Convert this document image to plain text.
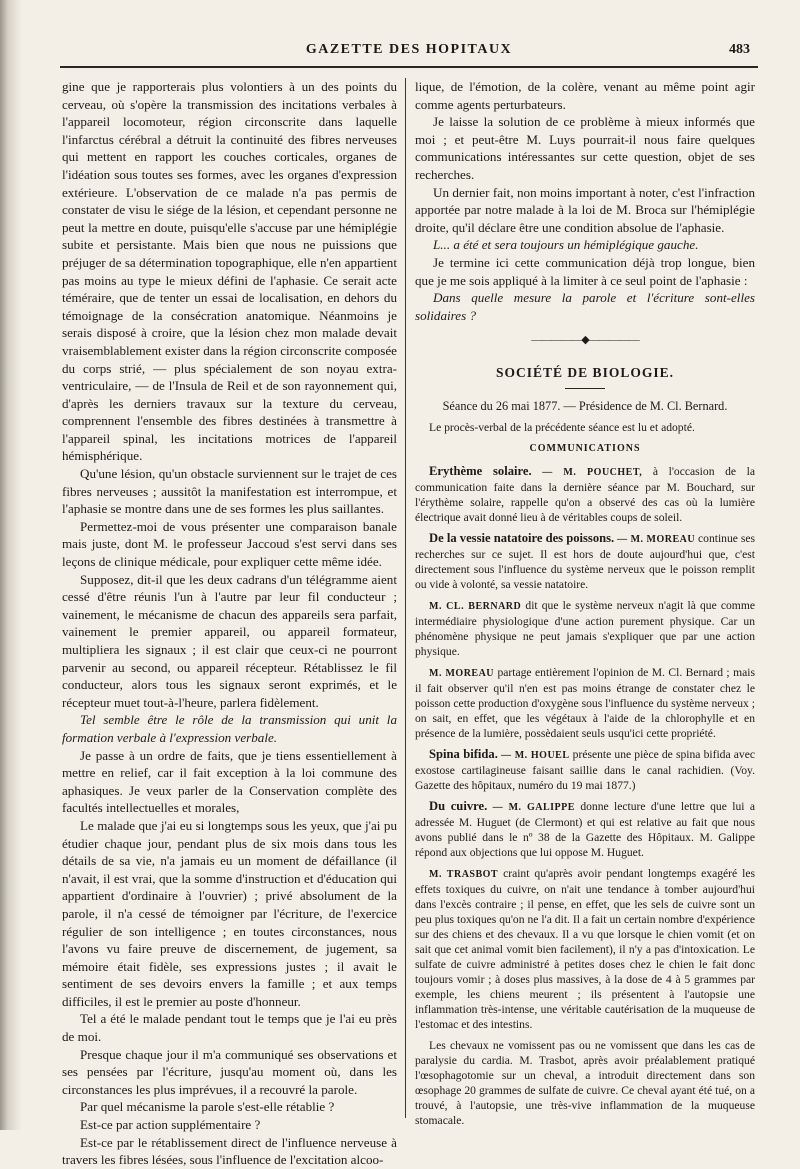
GAZETTE DES HOPITAUX	483

gine que je rapporterais plus volontiers à un des points du cerveau, où s'opère la transmission des incitations verbales à l'appareil locomoteur, région circonscrite dans laquelle l'infarctus cérébral a détruit la continuité des fibres nerveuses qui mettent en rapport les couches corticales, organes de l'idéation sous toutes ses formes, avec les organes d'expression extérieure. L'observation de ce malade n'a pas permis de constater de visu le siége de la lésion, et cependant personne ne peut la mettre en doute, puisqu'elle s'accuse par une hémiplégie subite et persistante. Mais bien que nous ne puissions que préjuger de sa détermination topographique, elle n'en appartient pas moins au type le mieux défini de l'aphasie. Ce serait acte téméraire, que de tenter un essai de localisation, en dehors du témoignage de la consécration anatomique. Néanmoins je serais disposé à croire, que la lésion chez mon malade devait vraisemblablement exister dans la région circonscrite composée du corps strié, — plus spécialement de son noyau extra-ventriculaire, — de l'Insula de Reil et de son rayonnement qui, d'après les derniers travaux sur la texture du cerveau, comprennent l'ensemble des fibres destinées à transmettre à l'appareil spinal, les incitations motrices de l'appareil hémisphérique.

Qu'une lésion, qu'un obstacle surviennent sur le trajet de ces fibres nerveuses ; aussitôt la manifestation est interrompue, et l'aphasie se montre dans une de ses formes les plus saillantes.

Permettez-moi de vous présenter une comparaison banale mais juste, dont M. le professeur Jaccoud s'est servi dans ses leçons de clinique médicale, pour expliquer cette même idée.

Supposez, dit-il que les deux cadrans d'un télégramme aient cessé d'être réunis l'un à l'autre par leur fil conducteur ; vainement, le mécanisme de chacun des appareils sera parfait, vainement le premier appareil, ou appareil formateur, multipliera les signaux ; il est clair que ceux-ci ne pourront parvenir au second, ou appareil récepteur. Rétablissez le fil conducteur, alors tous les signaux seront exprimés, et le récepteur muet tout-à-l'heure, parlera fidèlement.

Tel semble être le rôle de la transmission qui unit la formation verbale à l'expression verbale.

Je passe à un ordre de faits, que je tiens essentiellement à mettre en relief, car il fait exception à la loi commune des aphasiques. Je veux parler de la Conservation complète des facultés intellectuelles et morales,

Le malade que j'ai eu si longtemps sous les yeux, que j'ai pu étudier chaque jour, pendant plus de six mois dans tous les détails de sa vie, n'a jamais eu un moment de défaillance (il n'avait, il est vrai, que la somme d'instruction et d'éducation qui appartient d'ordinaire à l'ouvrier) ; privé absolument de la parole, il n'a cessé de témoigner par l'écriture, de l'exercice régulier de son intelligence ; en toutes circonstances, nous l'avons vu faire preuve de discernement, de jugement, sa mémoire était fidèle, ses expressions justes ; il avait le sentiment de ses devoirs envers la famille ; et aux temps difficiles, il est le premier au poste d'honneur.

Tel a été le malade pendant tout le temps que je l'ai eu près de moi.

Presque chaque jour il m'a communiqué ses observations et ses pensées par l'écriture, jusqu'au moment où, dans les circonstances les plus imprévues, il a recouvré la parole.

Par quel mécanisme la parole s'est-elle rétablie ?

Est-ce par action supplémentaire ?

Est-ce par le rétablissement direct de l'influence nerveuse à travers les fibres lésées, sous l'influence de l'excitation alcoo-

lique, de l'émotion, de la colère, venant au même point agir comme agents perturbateurs.

Je laisse la solution de ce problème à mieux informés que moi ; et peut-être M. Luys pourrait-il nous faire quelques communications intéressantes sur cette question, objet de ses recherches.

Un dernier fait, non moins important à noter, c'est l'infraction apportée par notre malade à la loi de M. Broca sur l'hémiplégie droite, qu'il déclare être une condition absolue de l'aphasie.

L... a été et sera toujours un hémiplégique gauche.

Je termine ici cette communication déjà trop longue, bien que je me sois appliqué à la limiter à ce seul point de l'aphasie :

Dans quelle mesure la parole et l'écriture sont-elles solidaires ?

—————◆—————
SOCIÉTÉ DE BIOLOGIE.
Séance du 26 mai 1877. — Présidence de M. Cl. Bernard.

Le procès-verbal de la précédente séance est lu et adopté.

COMMUNICATIONS

Erythème solaire. — M. POUCHET, à l'occasion de la communication faite dans la dernière séance par M. Bouchard, sur l'érythème solaire, rappelle qu'on a observé des cas où la lumière électrique avait donné lieu à de véritables coups de soleil.

De la vessie natatoire des poissons. — M. MOREAU continue ses recherches sur ce sujet. Il est hors de doute aujourd'hui que, c'est directement sous l'influence du système nerveux que le poisson remplit ou vide à volonté, sa vessie natatoire.

M. CL. BERNARD dit que le système nerveux n'agit là que comme intermédiaire physiologique d'une action purement physique. Car un phénomène physique ne peut jamais s'expliquer que par une action physique.

M. MOREAU partage entièrement l'opinion de M. Cl. Bernard ; mais il fait observer qu'il n'en est pas moins étrange de constater chez le poisson cette production d'oxygène sous l'influence du système nerveux ; on sait, en effet, que les végétaux à l'aide de la chlorophylle et en présence de la lumière, possèdaient seuls usqu'ici cette propriété.

Spina bifida. — M. HOUEL présente une pièce de spina bifida avec exostose cartilagineuse faisant saillie dans le canal rachidien. (Voy. Gazette des hôpitaux, numéro du 19 mai 1877.)

Du cuivre. — M. GALIPPE donne lecture d'une lettre que lui a adressée M. Huguet (de Clermont) et qui est relative au fait que nous avons publié dans le nº 38 de la Gazette des Hôpitaux. M. Galippe répond aux objections que lui oppose M. Huguet.

M. TRASBOT craint qu'après avoir pendant longtemps exagéré les effets toxiques du cuivre, on n'ait une tendance à tomber aujourd'hui dans l'excès contraire ; il pense, en effet, que les sels de cuivre sont un peu plus toxiques qu'on ne l'a dit. Il a fait un certain nombre d'expérience sur des chiens et des chevaux. Il a vu que lorsque le chien vomit (et on sait que cet animal vomit bien facilement), il n'y a pas d'intoxication. Le sulfate de cuivre administré à petites doses chez le chien le fait donc toujours vomir ; à doses plus massives, à la dose de 4 à 5 grammes par exemple, les chiens meurent ; ils présentent à l'autopsie une inflammation très-intense, une véritable cautérisation de la muqueuse de l'estomac et des intestins.

Les chevaux ne vomissent pas ou ne vomissent que dans les cas de paralysie du cardia. M. Trasbot, après avoir préalablement pratiqué l'œsophagotomie sur un cheval, a introduit directement dans son œsophage 20 grammes de sulfate de cuivre. Ce cheval ayant été tué, on a trouvé, à l'autopsie, une très-vive inflammation de la muqueuse stomacale.
